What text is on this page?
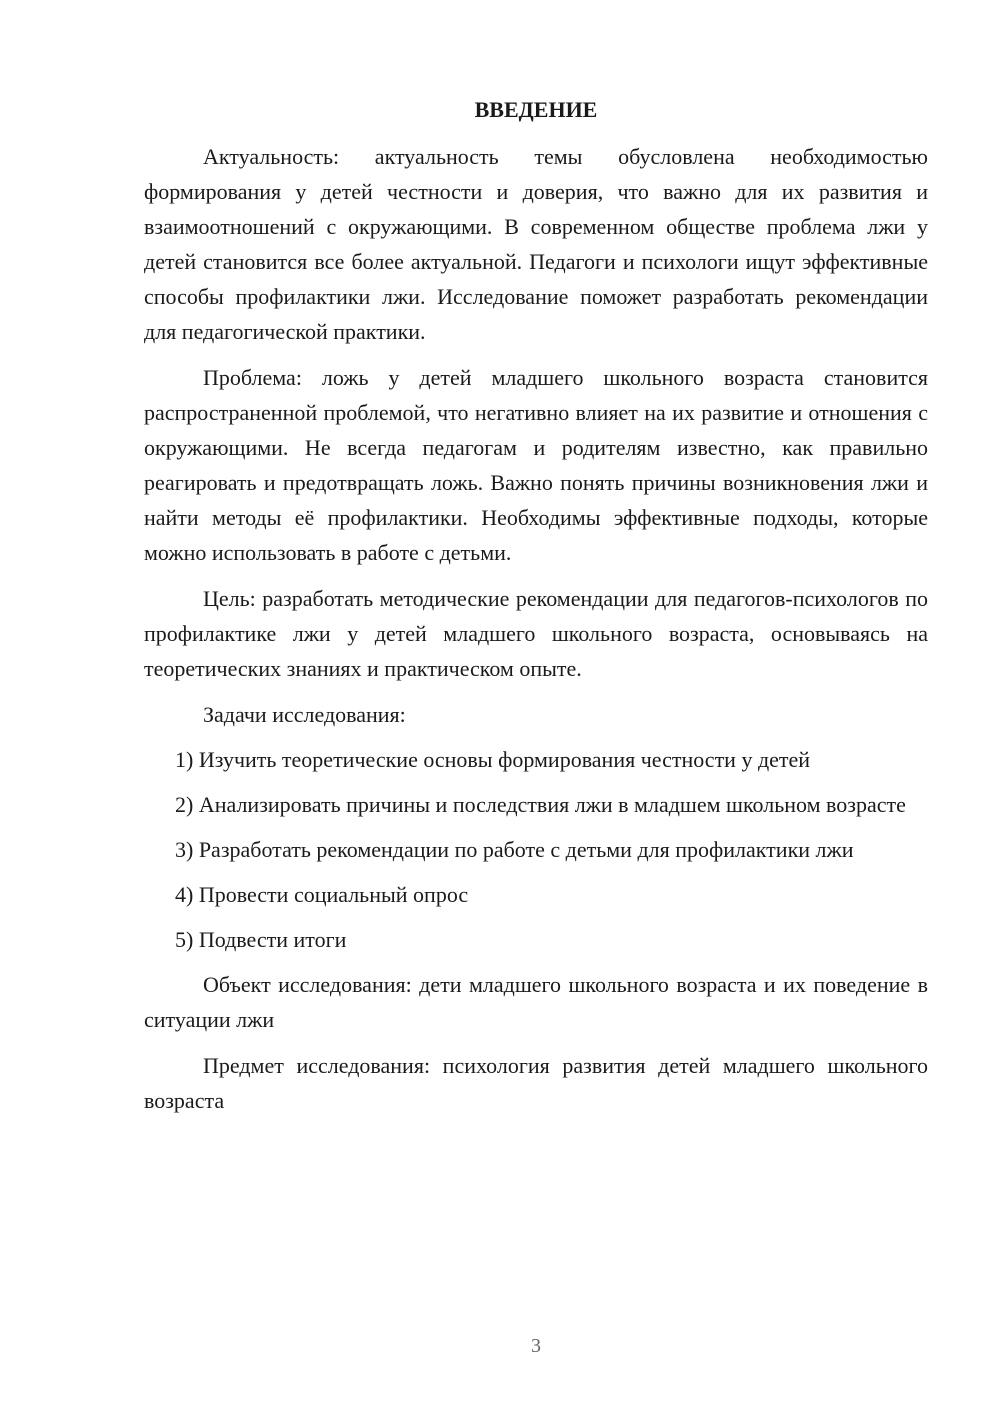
ВВЕДЕНИЕ

Актуальность: актуальность темы обусловлена необходимостью формирования у детей честности и доверия, что важно для их развития и взаимоотношений с окружающими. В современном обществе проблема лжи у детей становится все более актуальной. Педагоги и психологи ищут эффективные способы профилактики лжи. Исследование поможет разработать рекомендации для педагогической практики.

Проблема: ложь у детей младшего школьного возраста становится распространенной проблемой, что негативно влияет на их развитие и отношения с окружающими. Не всегда педагогам и родителям известно, как правильно реагировать и предотвращать ложь. Важно понять причины возникновения лжи и найти методы её профилактики. Необходимы эффективные подходы, которые можно использовать в работе с детьми.

Цель: разработать методические рекомендации для педагогов-психологов по профилактике лжи у детей младшего школьного возраста, основываясь на теоретических знаниях и практическом опыте.

Задачи исследования:

1) Изучить теоретические основы формирования честности у детей

2) Анализировать причины и последствия лжи в младшем школьном возрасте

3) Разработать рекомендации по работе с детьми для профилактики лжи

4) Провести социальный опрос

5) Подвести итоги

Объект исследования: дети младшего школьного возраста и их поведение в ситуации лжи

Предмет исследования: психология развития детей младшего школьного возраста

3
